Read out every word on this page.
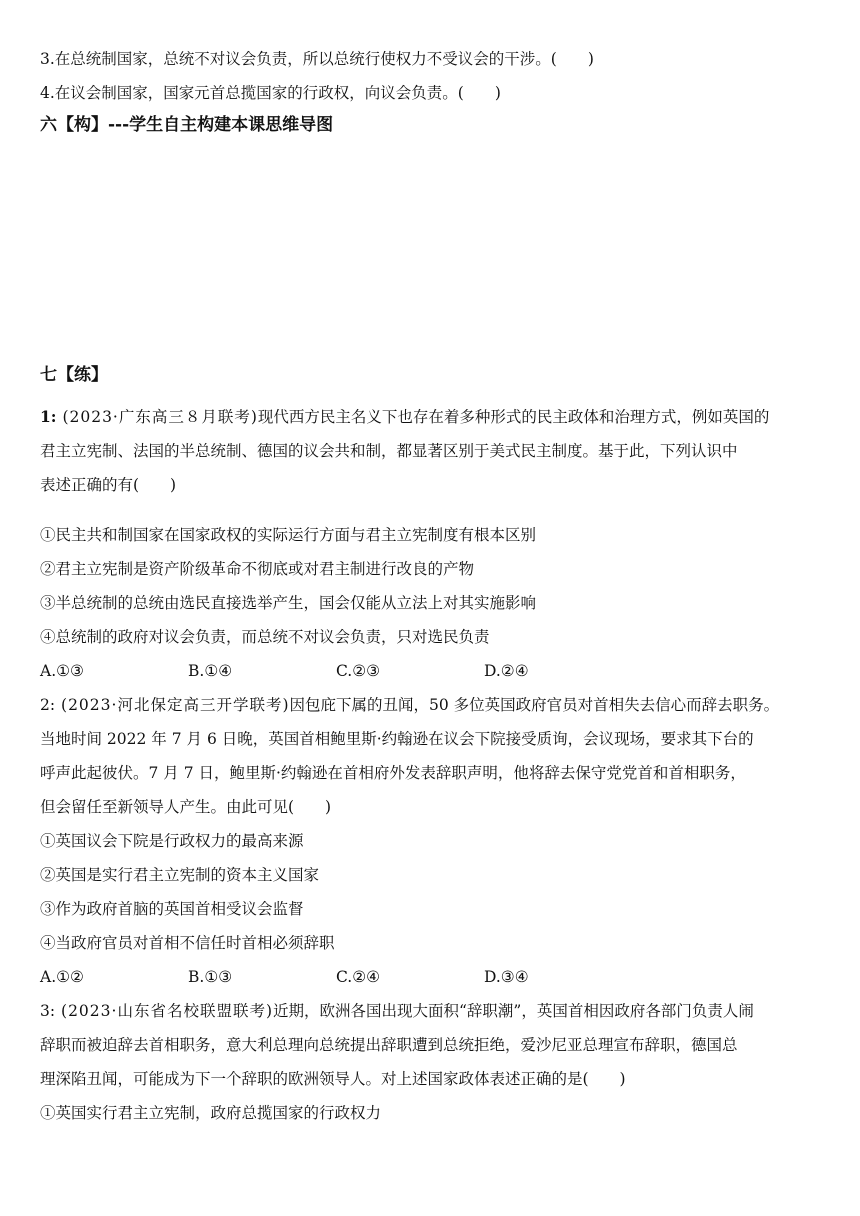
3.在总统制国家，总统不对议会负责，所以总统行使权力不受议会的干涉。(　　)
4.在议会制国家，国家元首总揽国家的行政权，向议会负责。(　　)
六【构】---学生自主构建本课思维导图
七【练】
1: (2023·广东高三８月联考)现代西方民主名义下也存在着多种形式的民主政体和治理方式，例如英国的
君主立宪制、法国的半总统制、德国的议会共和制，都显著区别于美式民主制度。基于此，下列认识中
表述正确的有(　　)
①民主共和制国家在国家政权的实际运行方面与君主立宪制度有根本区别
②君主立宪制是资产阶级革命不彻底或对君主制进行改良的产物
③半总统制的总统由选民直接选举产生，国会仅能从立法上对其实施影响
④总统制的政府对议会负责，而总统不对议会负责，只对选民负责
A.①③	B.①④	C.②③	D.②④
2: (2023·河北保定高三开学联考)因包庇下属的丑闻，50 多位英国政府官员对首相失去信心而辞去职务。
当地时间 2022 年 7 月 6 日晚，英国首相鲍里斯·约翰逊在议会下院接受质询，会议现场，要求其下台的
呼声此起彼伏。7 月 7 日，鲍里斯·约翰逊在首相府外发表辞职声明，他将辞去保守党党首和首相职务，
但会留任至新领导人产生。由此可见(　　)
①英国议会下院是行政权力的最高来源
②英国是实行君主立宪制的资本主义国家
③作为政府首脑的英国首相受议会监督
④当政府官员对首相不信任时首相必须辞职
A.①②	B.①③	C.②④	D.③④
3: (2023·山东省名校联盟联考)近期，欧洲各国出现大面积“辞职潮”，英国首相因政府各部门负责人闹
辞职而被迫辞去首相职务，意大利总理向总统提出辞职遭到总统拒绝，爱沙尼亚总理宣布辞职，德国总
理深陷丑闻，可能成为下一个辞职的欧洲领导人。对上述国家政体表述正确的是(　　)
①英国实行君主立宪制，政府总揽国家的行政权力
